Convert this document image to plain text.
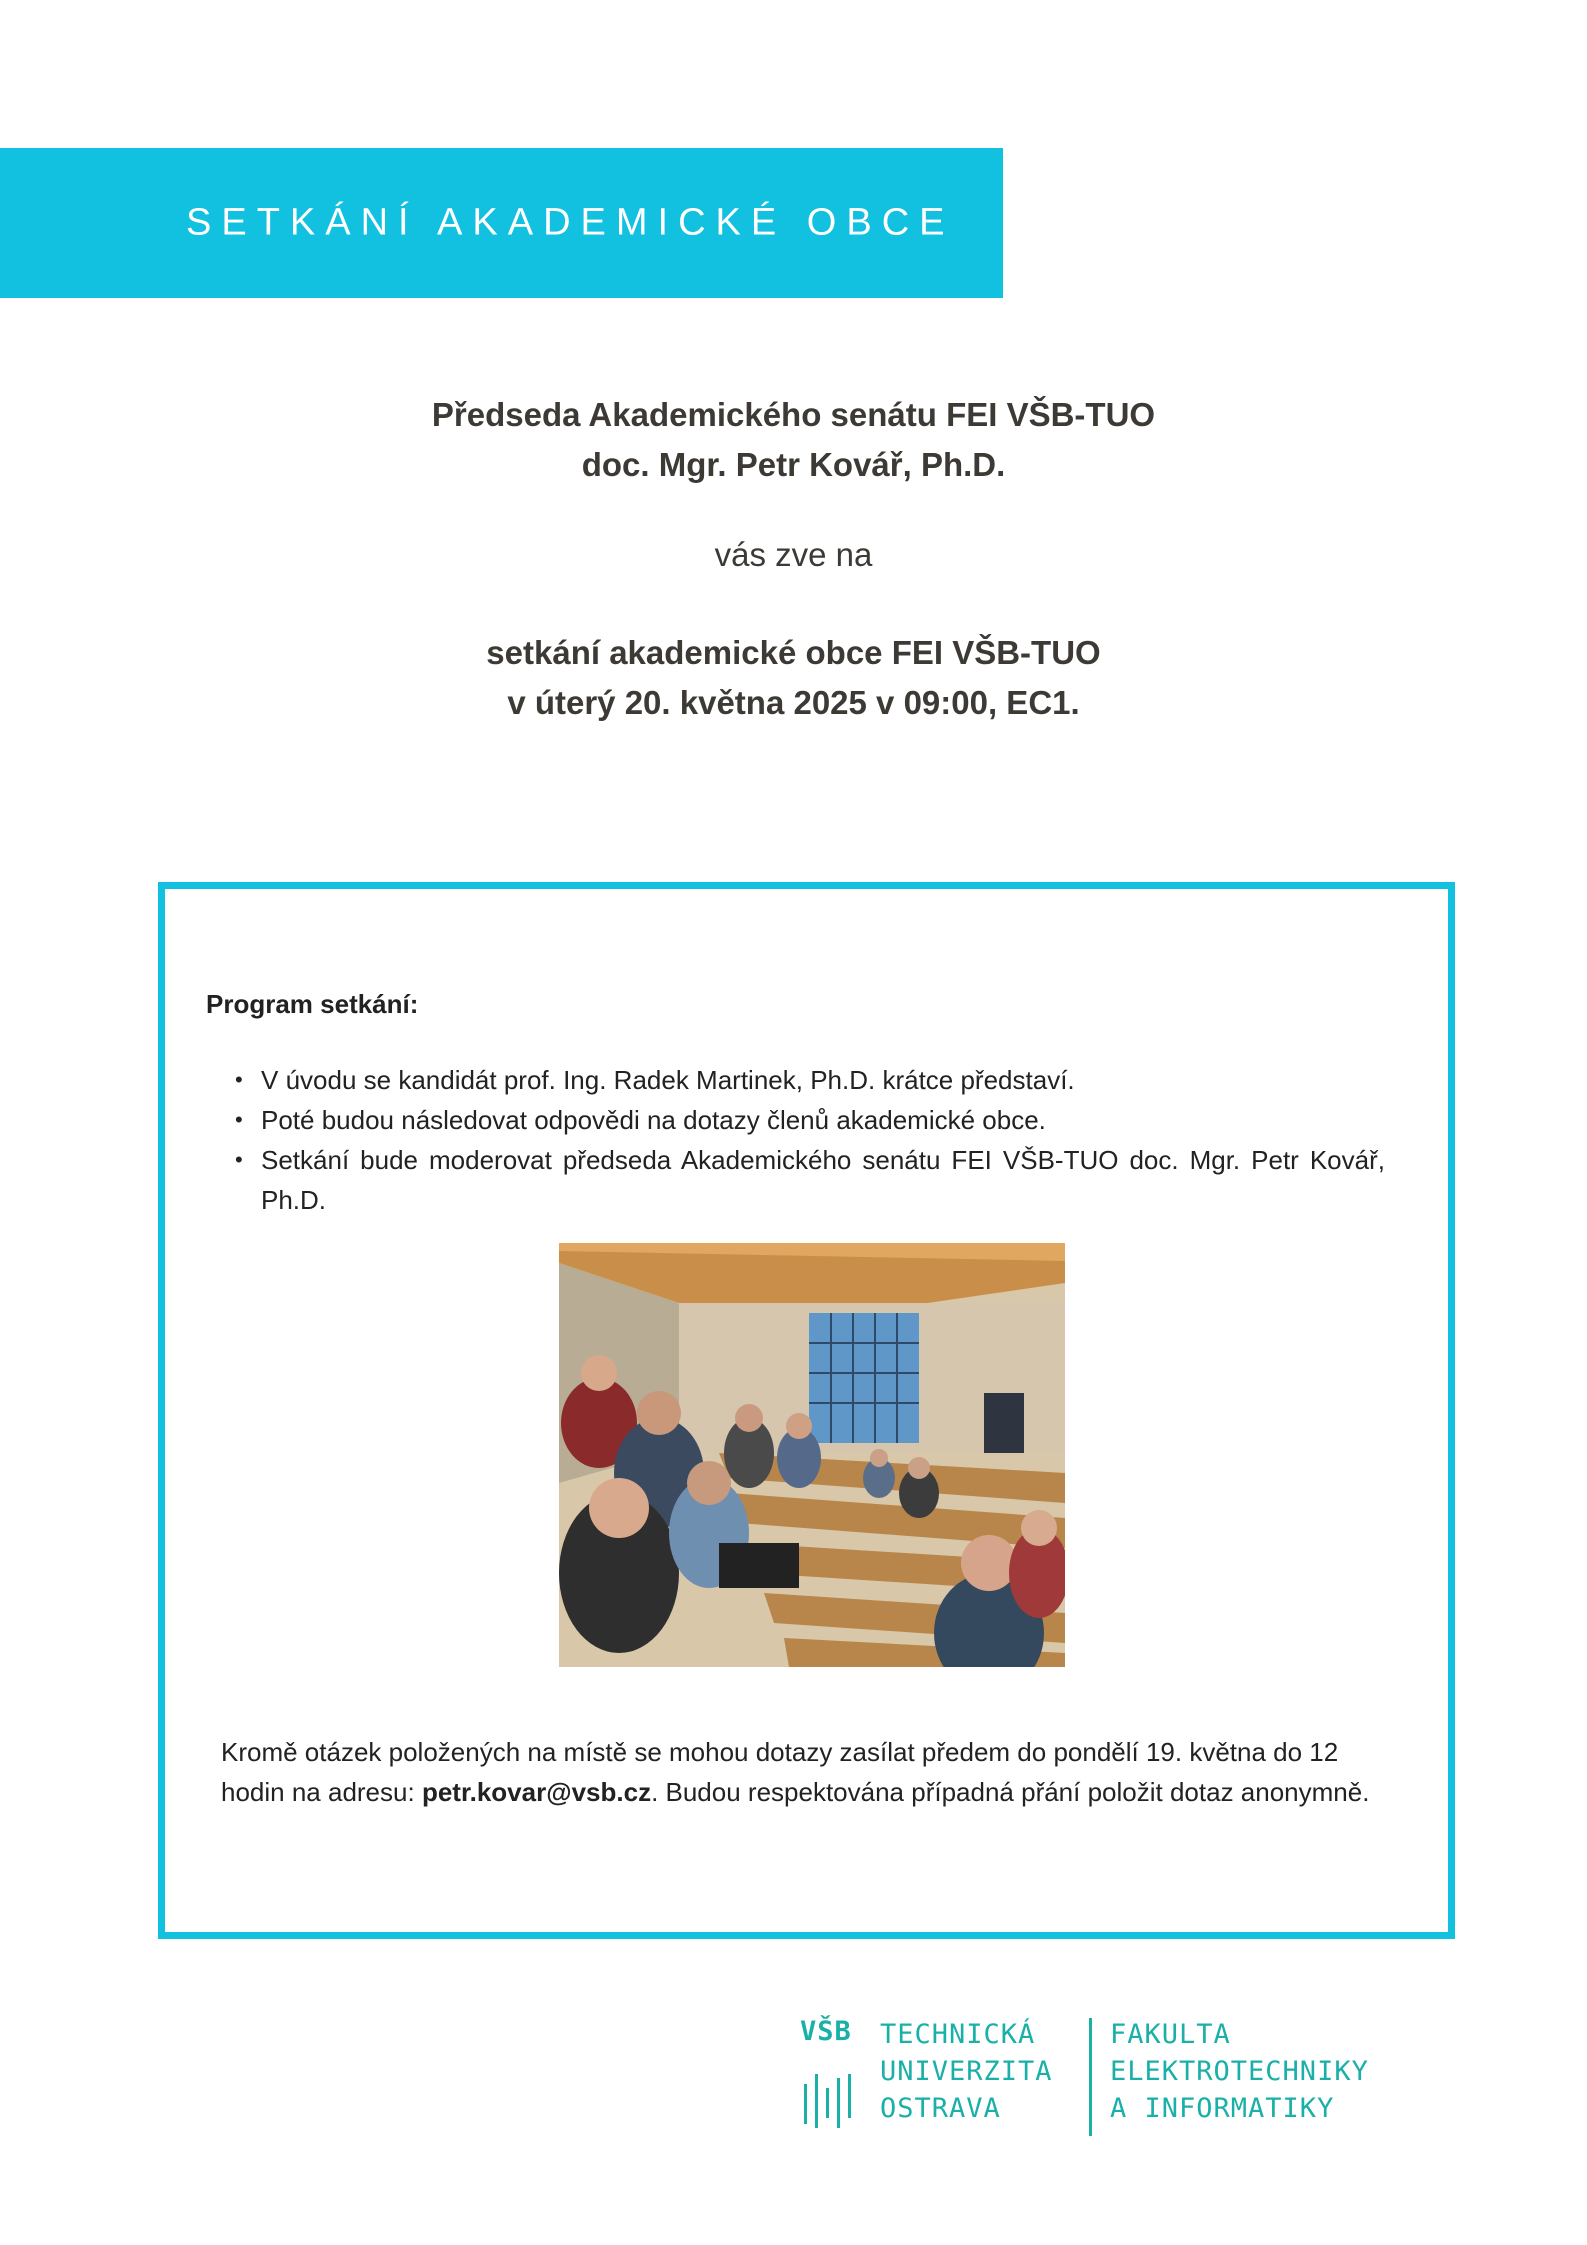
SETKÁNÍ AKADEMICKÉ OBCE

Předseda Akademického senátu FEI VŠB-TUO

doc. Mgr. Petr Kovář, Ph.D.

vás zve na

setkání akademické obce FEI VŠB-TUO

v úterý 20. května 2025 v 09:00, EC1.

Program setkání:

• V úvodu se kandidát prof. Ing. Radek Martinek, Ph.D. krátce představí.
• Poté budou následovat odpovědi na dotazy členů akademické obce.
• Setkání bude moderovat předseda Akademického senátu FEI VŠB-TUO doc. Mgr. Petr Kovář, Ph.D.

Kromě otázek položených na místě se mohou dotazy zasílat předem do pondělí 19. května do 12 hodin na adresu: petr.kovar@vsb.cz. Budou respektována případná přání položit dotaz anonymně.

VŠB TECHNICKÁ
UNIVERZITA
OSTRAVA
FAKULTA
ELEKTROTECHNIKY
A INFORMATIKY
